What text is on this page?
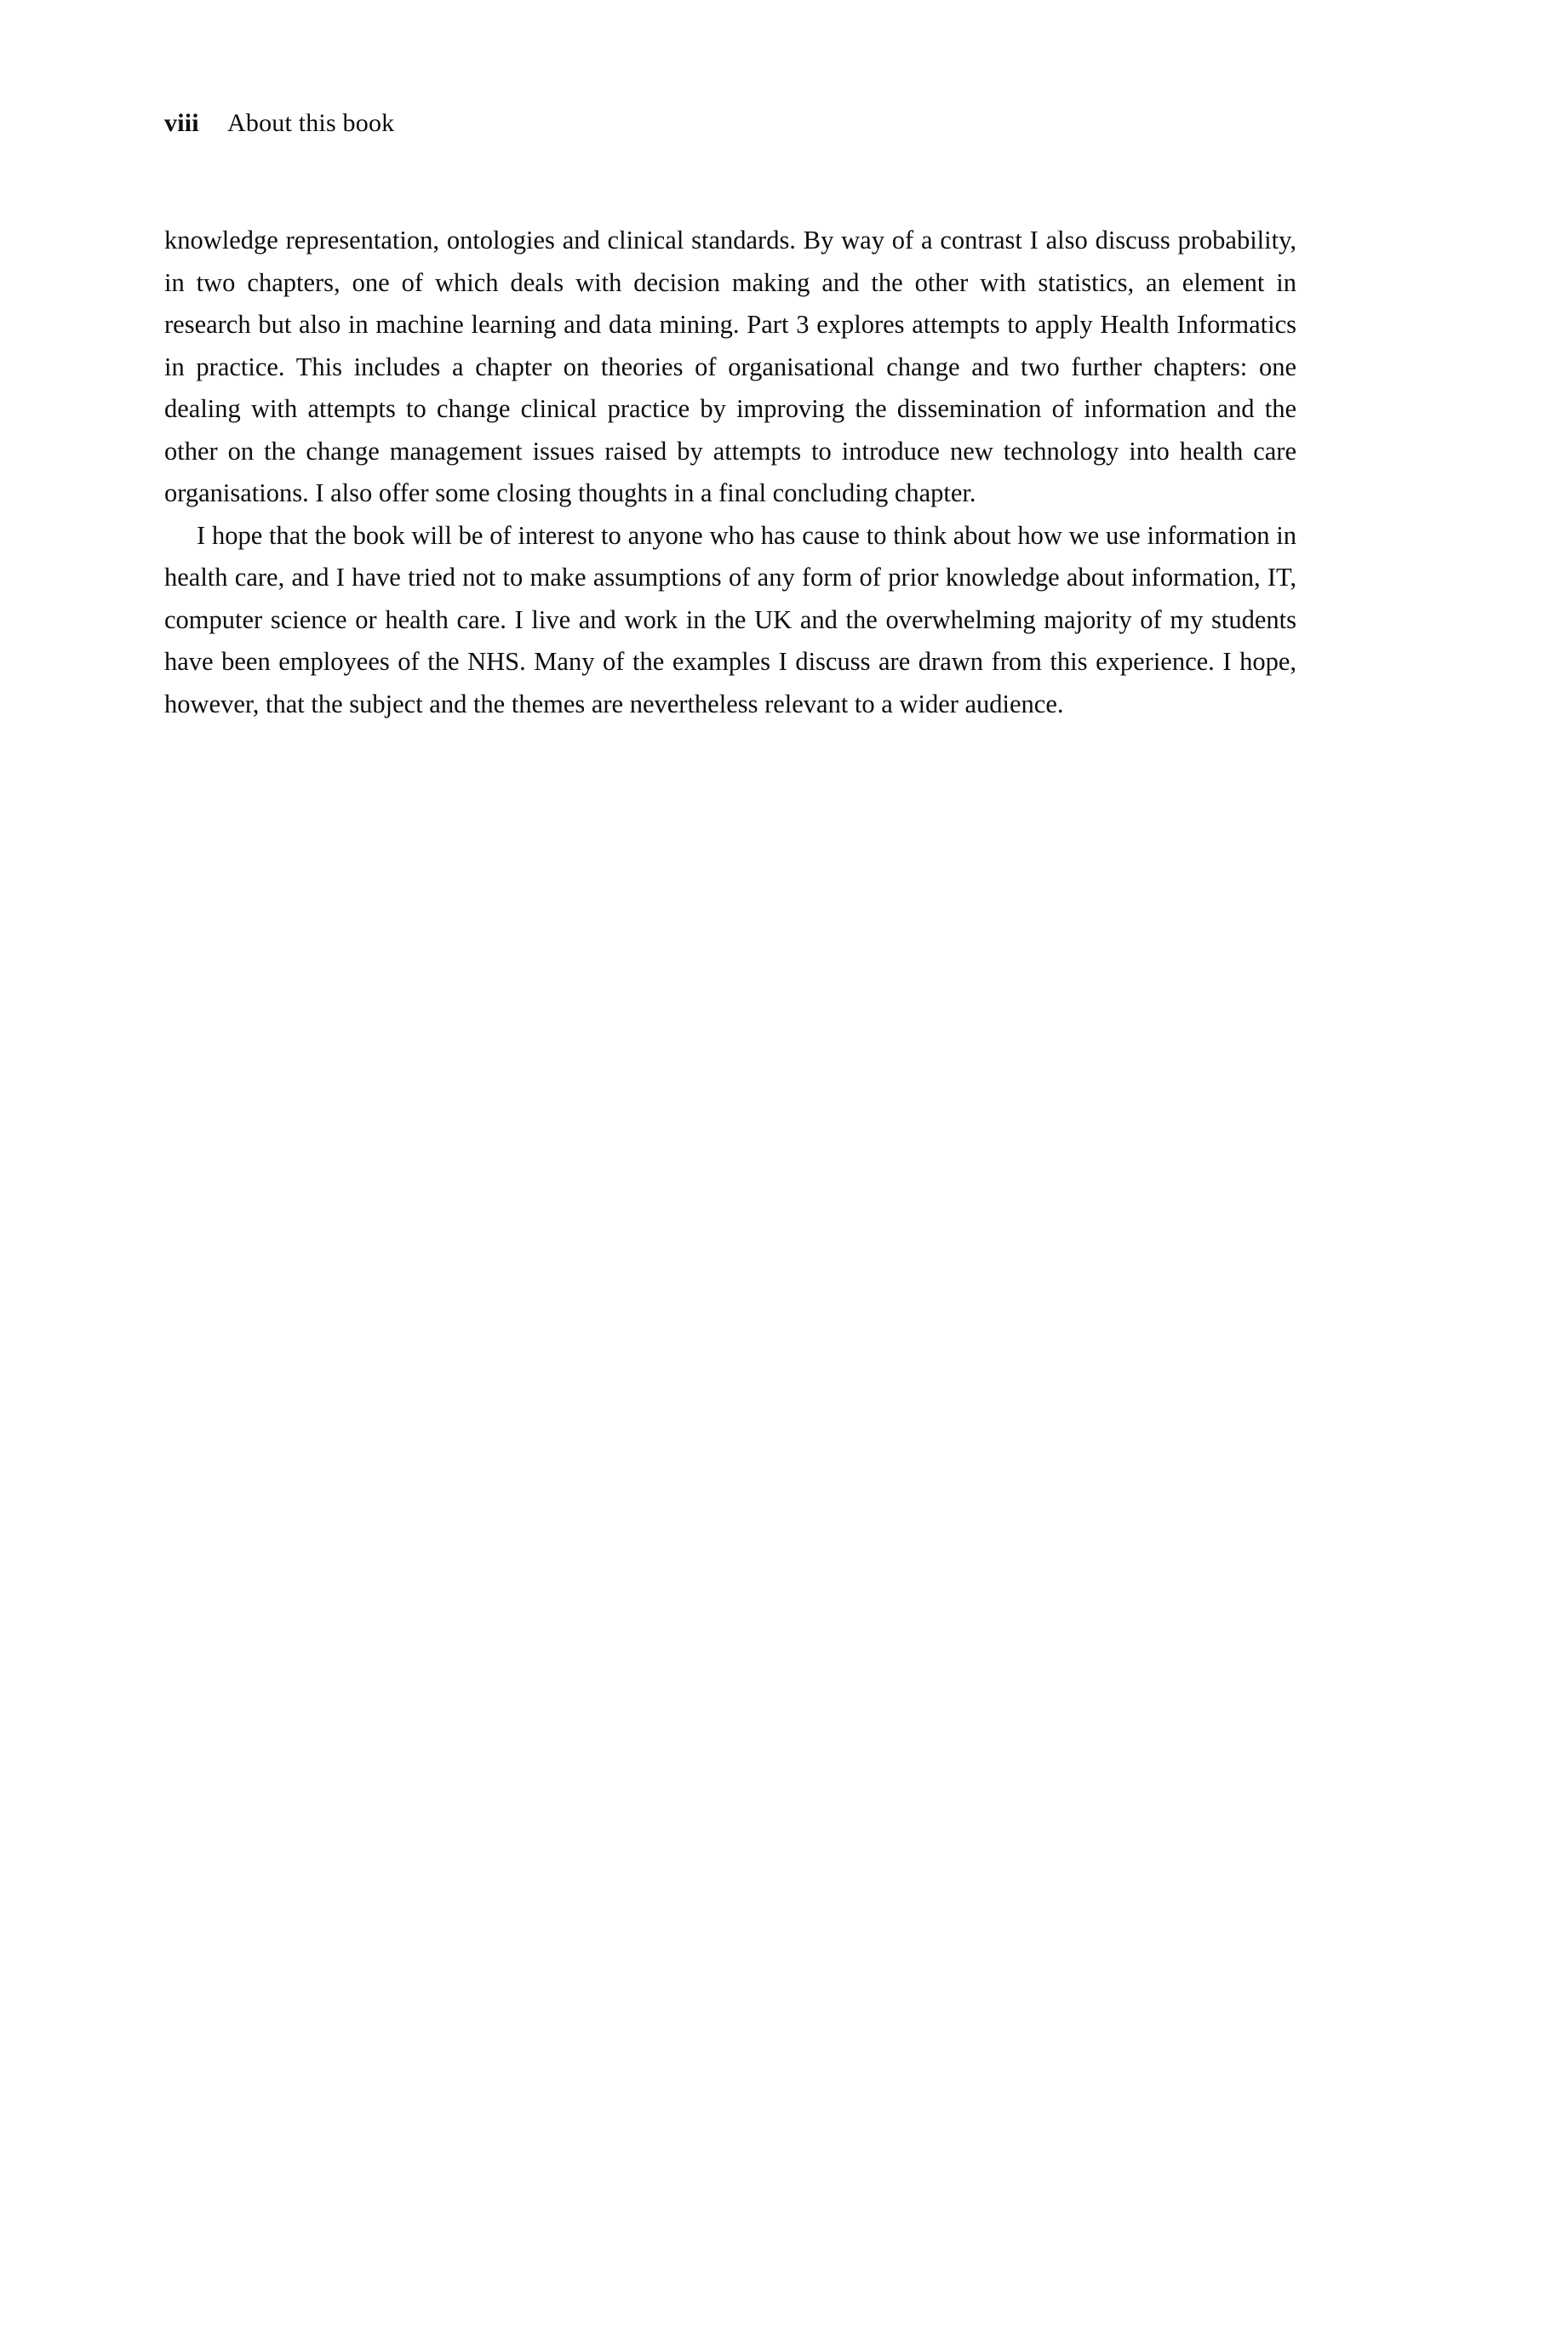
viii	About this book

knowledge representation, ontologies and clinical standards. By way of a contrast I also discuss probability, in two chapters, one of which deals with decision making and the other with statistics, an element in research but also in machine learning and data mining. Part 3 explores attempts to apply Health Informatics in practice. This includes a chapter on theories of organisational change and two further chapters: one dealing with attempts to change clinical practice by improving the dissemination of information and the other on the change management issues raised by attempts to introduce new technology into health care organisations. I also offer some closing thoughts in a final concluding chapter.

I hope that the book will be of interest to anyone who has cause to think about how we use information in health care, and I have tried not to make assumptions of any form of prior knowledge about information, IT, computer science or health care. I live and work in the UK and the overwhelming majority of my students have been employees of the NHS. Many of the examples I discuss are drawn from this experience. I hope, however, that the subject and the themes are nevertheless relevant to a wider audience.
